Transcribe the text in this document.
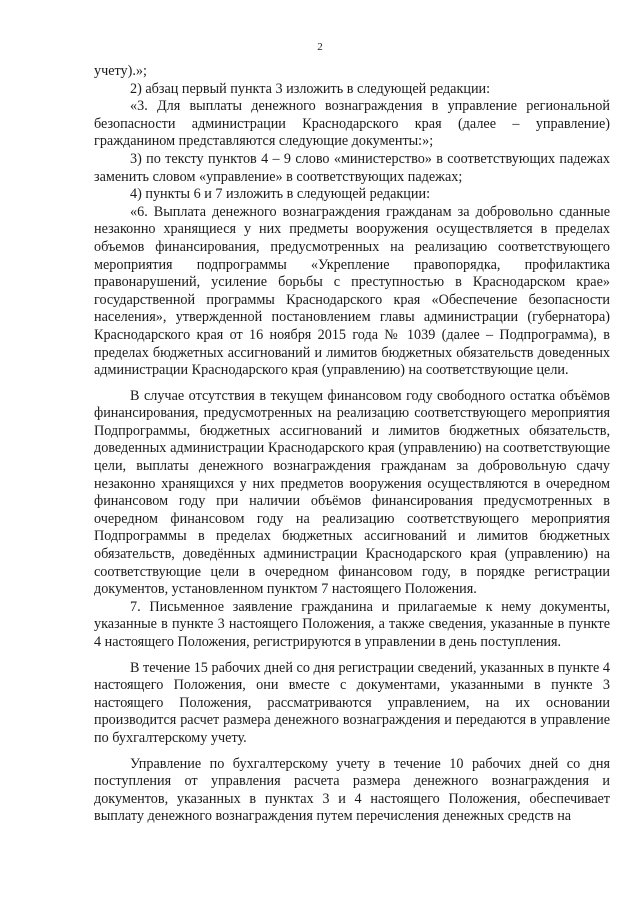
2

учету).»;

2) абзац первый пункта 3 изложить в следующей редакции:

«3. Для выплаты денежного вознаграждения в управление региональной безопасности администрации Краснодарского края (далее – управление) гражданином представляются следующие документы:»;

3) по тексту пунктов 4 – 9 слово «министерство» в соответствующих падежах заменить словом «управление» в соответствующих падежах;

4) пункты 6 и 7 изложить в следующей редакции:

«6. Выплата денежного вознаграждения гражданам за добровольно сданные незаконно хранящиеся у них предметы вооружения осуществляется в пределах объемов финансирования, предусмотренных на реализацию соответствующего мероприятия подпрограммы «Укрепление правопорядка, профилактика правонарушений, усиление борьбы с преступностью в Краснодарском крае» государственной программы Краснодарского края «Обеспечение безопасности населения», утвержденной постановлением главы администрации (губернатора) Краснодарского края от 16 ноября 2015 года № 1039 (далее – Подпрограмма), в пределах бюджетных ассигнований и лимитов бюджетных обязательств доведенных администрации Краснодарского края (управлению) на соответствующие цели.

В случае отсутствия в текущем финансовом году свободного остатка объёмов финансирования, предусмотренных на реализацию соответствующего мероприятия Подпрограммы, бюджетных ассигнований и лимитов бюджетных обязательств, доведенных администрации Краснодарского края (управлению) на соответствующие цели, выплаты денежного вознаграждения гражданам за добровольную сдачу незаконно хранящихся у них предметов вооружения осуществляются в очередном финансовом году при наличии объёмов финансирования предусмотренных в очередном финансовом году на реализацию соответствующего мероприятия Подпрограммы в пределах бюджетных ассигнований и лимитов бюджетных обязательств, доведённых администрации Краснодарского края (управлению) на соответствующие цели в очередном финансовом году, в порядке регистрации документов, установленном пунктом 7 настоящего Положения.

7. Письменное заявление гражданина и прилагаемые к нему документы, указанные в пункте 3 настоящего Положения, а также сведения, указанные в пункте 4 настоящего Положения, регистрируются в управлении в день поступления.

В течение 15 рабочих дней со дня регистрации сведений, указанных в пункте 4 настоящего Положения, они вместе с документами, указанными в пункте 3 настоящего Положения, рассматриваются управлением, на их основании производится расчет размера денежного вознаграждения и передаются в управление по бухгалтерскому учету.

Управление по бухгалтерскому учету в течение 10 рабочих дней со дня поступления от управления расчета размера денежного вознаграждения и документов, указанных в пунктах 3 и 4 настоящего Положения, обеспечивает выплату денежного вознаграждения путем перечисления денежных средств на
